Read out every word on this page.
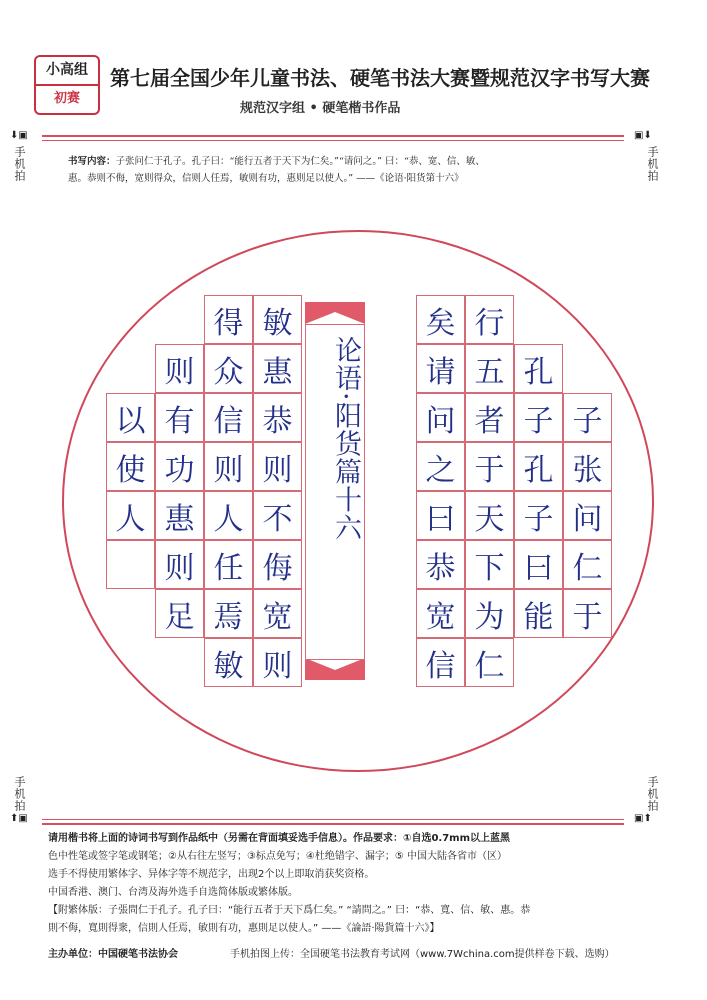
小高组
初赛
第七届全国少年儿童书法、硬笔书法大赛暨规范汉字书写大赛
规范汉字组 • 硬笔楷书作品
⬇▣
手机拍
▣⬇
手机拍
手机拍
⬆▣
手机拍
▣⬆
书写内容：子张问仁于孔子。孔子曰：“能行五者于天下为仁矣。”“请问之。” 曰：“恭、宽、信、敏、
惠。恭则不侮，宽则得众，信则人任焉，敏则有功，惠则足以使人。” ——《论语·阳货第十六》
子
张
问
仁
于
孔
子
孔
子
曰
能
行
五
者
于
天
下
为
仁
矣
请
问
之
曰
恭
宽
信
敏
惠
恭
则
不
侮
宽
则
得
众
信
则
人
任
焉
敏
则
有
功
惠
则
足
以
使
人	论语·阳货篇十六
请用楷书将上面的诗词书写到作品纸中（另需在背面填妥选手信息）。作品要求：①自选0.7mm以上蓝黑
色中性笔或签字笔或钢笔；②从右往左竖写；③标点免写；④杜绝错字、漏字；⑤ 中国大陆各省市（区）
选手不得使用繁体字、异体字等不规范字，出现2个以上即取消获奖资格。
中国香港、澳门、台湾及海外选手自选简体版或繁体版。
【附繁体版：子張問仁于孔子。孔子曰：“能行五者于天下爲仁矣。” “請問之。” 曰：“恭、寬、信、敏、惠。恭
則不侮，寬則得衆，信則人任焉，敏則有功，惠則足以使人。” ——《論語·陽貨篇十六》】
主办单位：中国硬笔书法协会	手机拍图上传：全国硬笔书法教育考试网（www.7Wchina.com提供样卷下载、选购）
